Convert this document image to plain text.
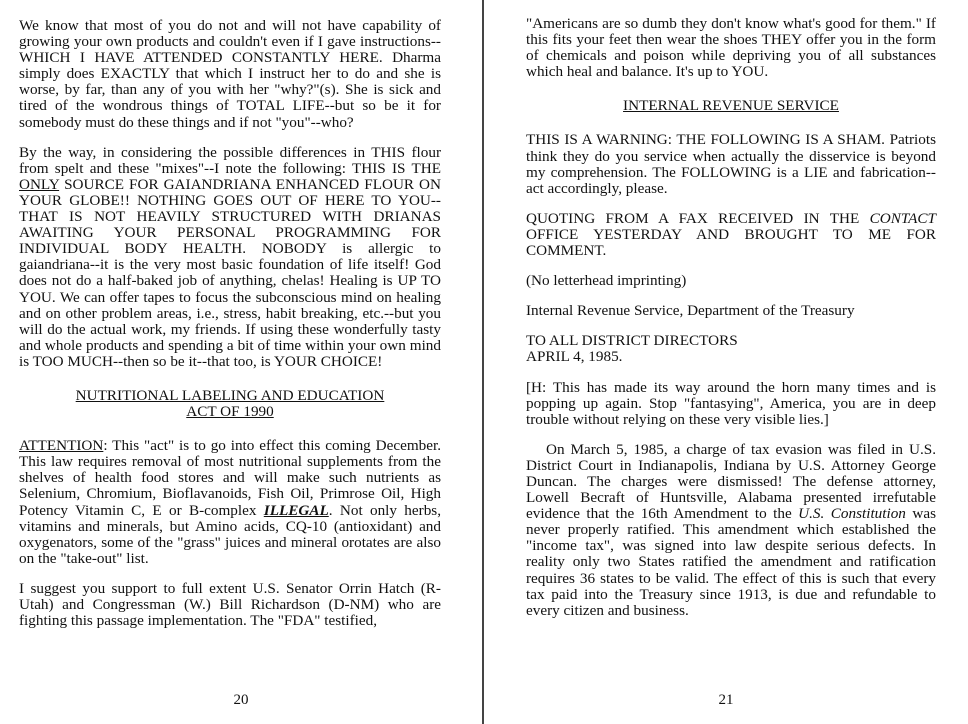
We know that most of you do not and will not have capability of growing your own products and couldn't even if I gave instructions--WHICH I HAVE ATTENDED CONSTANTLY HERE. Dharma simply does EXACTLY that which I instruct her to do and she is worse, by far, than any of you with her "why?"(s). She is sick and tired of the wondrous things of TOTAL LIFE--but so be it for somebody must do these things and if not "you"--who?

By the way, in considering the possible differences in THIS flour from spelt and these "mixes"--I note the following: THIS IS THE ONLY SOURCE FOR GAIANDRIANA ENHANCED FLOUR ON YOUR GLOBE!! NOTHING GOES OUT OF HERE TO YOU--THAT IS NOT HEAVILY STRUCTURED WITH DRIANAS AWAITING YOUR PERSONAL PROGRAMMING FOR INDIVIDUAL BODY HEALTH. NOBODY is allergic to gaiandriana--it is the very most basic foundation of life itself! God does not do a half-baked job of anything, chelas! Healing is UP TO YOU. We can offer tapes to focus the subconscious mind on healing and on other problem areas, i.e., stress, habit breaking, etc.--but you will do the actual work, my friends. If using these wonderfully tasty and whole products and spending a bit of time within your own mind is TOO MUCH--then so be it--that too, is YOUR CHOICE!

NUTRITIONAL LABELING AND EDUCATION

ACT OF 1990

ATTENTION: This "act" is to go into effect this coming December. This law requires removal of most nutritional supplements from the shelves of health food stores and will make such nutrients as Selenium, Chromium, Bioflavanoids, Fish Oil, Primrose Oil, High Potency Vitamin C, E or B-complex ILLEGAL. Not only herbs, vitamins and minerals, but Amino acids, CQ-10 (antioxidant) and oxygenators, some of the "grass" juices and mineral orotates are also on the "take-out" list.

I suggest you support to full extent U.S. Senator Orrin Hatch (R-Utah) and Congressman (W.) Bill Richardson (D-NM) who are fighting this passage implementation. The "FDA" testified,

20

"Americans are so dumb they don't know what's good for them." If this fits your feet then wear the shoes THEY offer you in the form of chemicals and poison while depriving you of all substances which heal and balance. It's up to YOU.

INTERNAL REVENUE SERVICE

THIS IS A WARNING: THE FOLLOWING IS A SHAM. Patriots think they do you service when actually the disservice is beyond my comprehension. The FOLLOWING is a LIE and fabrication--act accordingly, please.

QUOTING FROM A FAX RECEIVED IN THE CONTACT OFFICE YESTERDAY AND BROUGHT TO ME FOR COMMENT.

(No letterhead imprinting)

Internal Revenue Service, Department of the Treasury

TO ALL DISTRICT DIRECTORS

APRIL 4, 1985.

[H: This has made its way around the horn many times and is popping up again. Stop "fantasying", America, you are in deep trouble without relying on these very visible lies.]

On March 5, 1985, a charge of tax evasion was filed in U.S. District Court in Indianapolis, Indiana by U.S. Attorney George Duncan. The charges were dismissed! The defense attorney, Lowell Becraft of Huntsville, Alabama presented irrefutable evidence that the 16th Amendment to the U.S. Constitution was never properly ratified. This amendment which established the "income tax", was signed into law despite serious defects. In reality only two States ratified the amendment and ratification requires 36 states to be valid. The effect of this is such that every tax paid into the Treasury since 1913, is due and refundable to every citizen and business.

21
